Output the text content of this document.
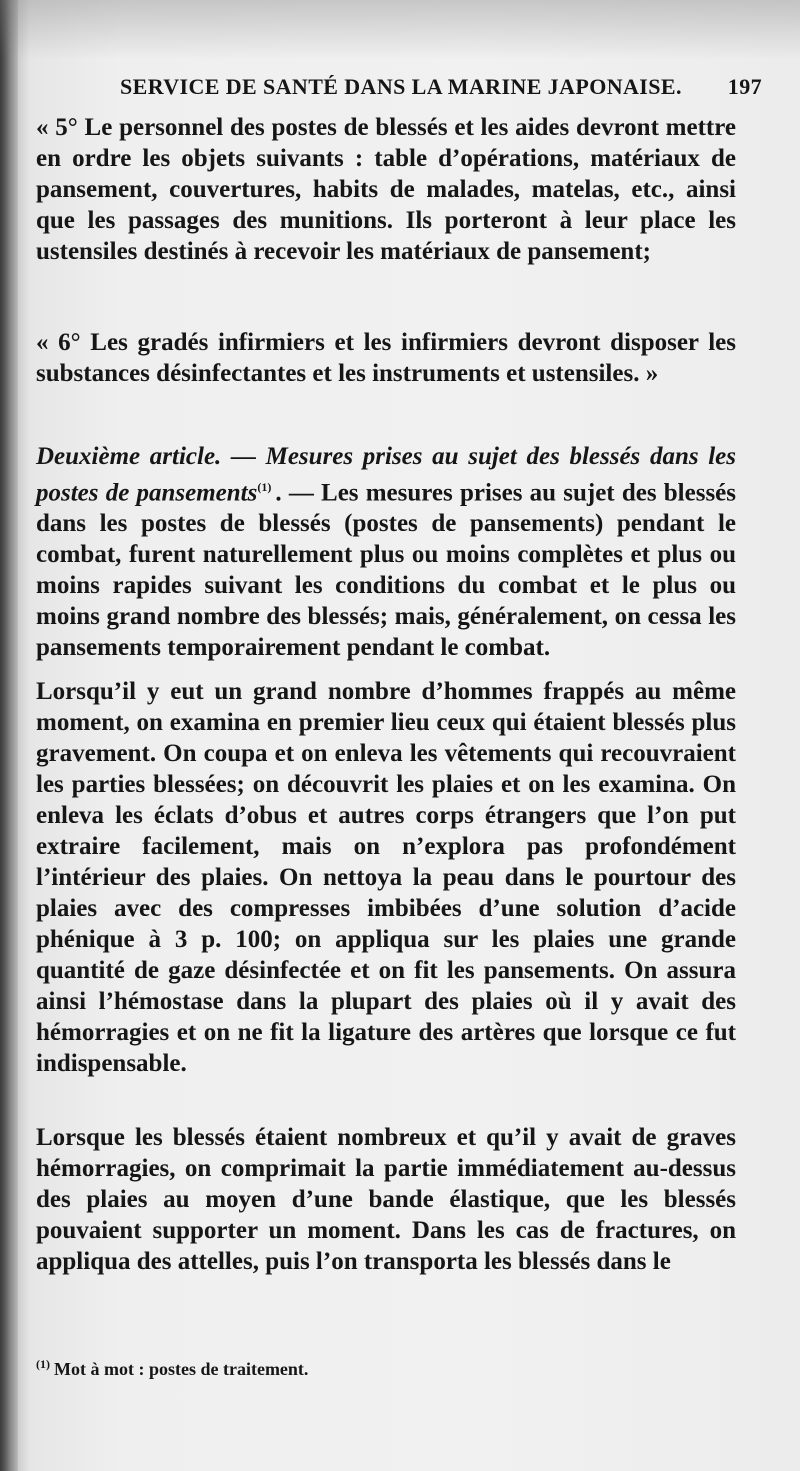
SERVICE DE SANTÉ DANS LA MARINE JAPONAISE. 197
« 5° Le personnel des postes de blessés et les aides devront mettre en ordre les objets suivants : table d’opérations, matériaux de pansement, couvertures, habits de malades, matelas, etc., ainsi que les passages des munitions. Ils porteront à leur place les ustensiles destinés à recevoir les matériaux de pansement;
« 6° Les gradés infirmiers et les infirmiers devront disposer les substances désinfectantes et les instruments et ustensiles. »
Deuxième article. — Mesures prises au sujet des blessés dans les postes de pansements$^{(1)}$ . — Les mesures prises au sujet des blessés dans les postes de blessés (postes de pansements) pendant le combat, furent naturellement plus ou moins complètes et plus ou moins rapides suivant les conditions du combat et le plus ou moins grand nombre des blessés; mais, généralement, on cessa les pansements temporairement pendant le combat.
Lorsqu’il y eut un grand nombre d’hommes frappés au même moment, on examina en premier lieu ceux qui étaient blessés plus gravement. On coupa et on enleva les vêtements qui recouvraient les parties blessées; on découvrit les plaies et on les examina. On enleva les éclats d’obus et autres corps étrangers que l’on put extraire facilement, mais on n’explora pas profondément l’intérieur des plaies. On nettoya la peau dans le pourtour des plaies avec des compresses imbibées d’une solution d’acide phénique à 3 p. 100; on appliqua sur les plaies une grande quantité de gaze désinfectée et on fit les pansements. On assura ainsi l’hémostase dans la plupart des plaies où il y avait des hémorragies et on ne fit la ligature des artères que lorsque ce fut indispensable.
Lorsque les blessés étaient nombreux et qu’il y avait de graves hémorragies, on comprimait la partie immédiatement au-dessus des plaies au moyen d’une bande élastique, que les blessés pouvaient supporter un moment. Dans les cas de fractures, on appliqua des attelles, puis l’on transporta les blessés dans le
$^{(1)}$ Mot à mot : postes de traitement.
